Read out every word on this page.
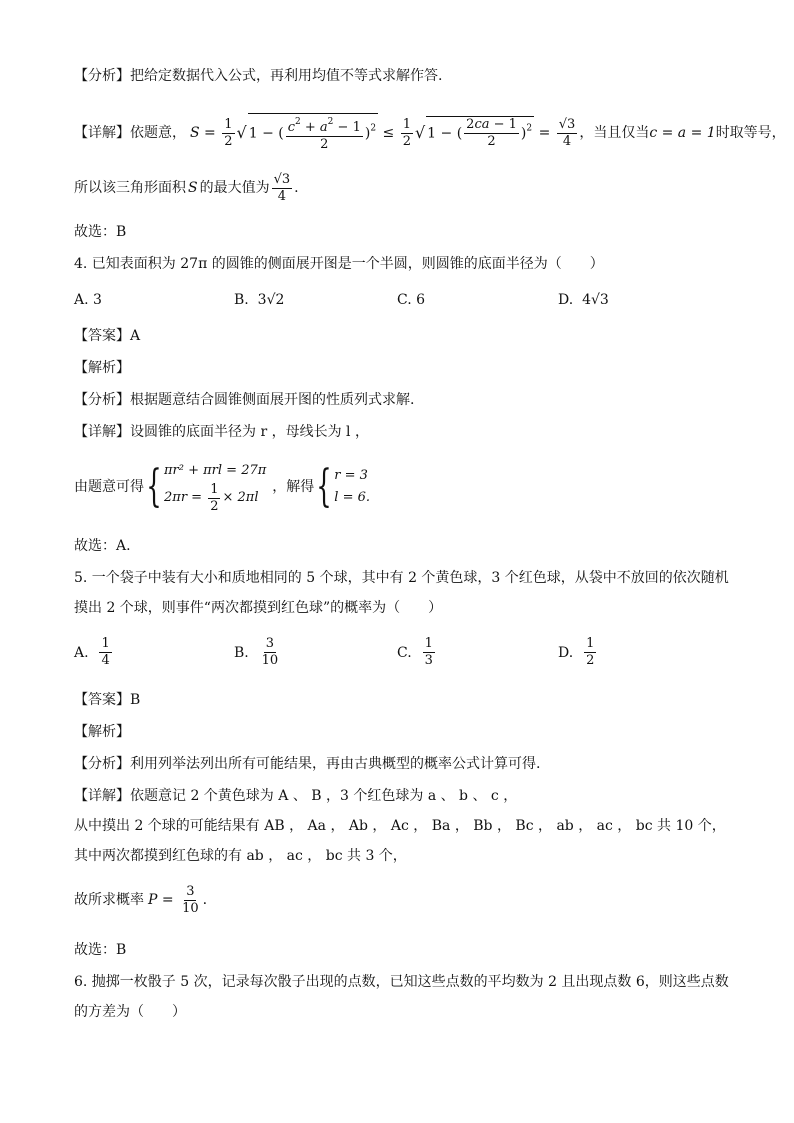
【分析】把给定数据代入公式，再利用均值不等式求解作答.
【详解】依题意， $S = \frac{1}{2}$ √ 1 − ( $\frac{c^2 + a^2 - 1}{2} )^2 \le \frac{1}{2}$ √ 1 − ( $\frac{2ca - 1}{2} )^2 = \frac{√3}{4}$ ，当且仅当 c = a = 1 时取等号，
所以该三角形面积 S 的最大值为 $\frac{√3}{4}$ .
故选：B
4. 已知表面积为 27π 的圆锥的侧面展开图是一个半圆，则圆锥的底面半径为（　　）
A. 3	B. 3√2	C. 6	D. 4√3
【答案】A
【解析】
【分析】根据题意结合圆锥侧面展开图的性质列式求解.
【详解】设圆锥的底面半径为 r ，母线长为 l ，
由题意可得 { πr² + πrl = 27π
2πr =
$\frac{1}{2} \times 2\pi l$
，解得 { r = 3
l = 6.
故选：A.
5. 一个袋子中装有大小和质地相同的 5 个球，其中有 2 个黄色球，3 个红色球，从袋中不放回的依次随机
摸出 2 个球，则事件“两次都摸到红色球”的概率为（　　）
A.
$\frac{1}{4}$	B.
$\frac{3}{10}$	C.
$\frac{1}{3}$	D.
$\frac{1}{2}$
【答案】B
【解析】
【分析】利用列举法列出所有可能结果，再由古典概型的概率公式计算可得.
【详解】依题意记 2 个黄色球为 A 、 B ，3 个红色球为 a 、 b 、 c ，
从中摸出 2 个球的可能结果有 AB ， Aa ， Ab ， Ac ， Ba ， Bb ， Bc ， ab ， ac ， bc 共 10 个，
其中两次都摸到红色球的有 ab ， ac ， bc 共 3 个，
故所求概率 $P = \frac{3}{10}$ .
故选：B
6. 抛掷一枚骰子 5 次，记录每次骰子出现的点数，已知这些点数的平均数为 2 且出现点数 6，则这些点数
的方差为（　　）
